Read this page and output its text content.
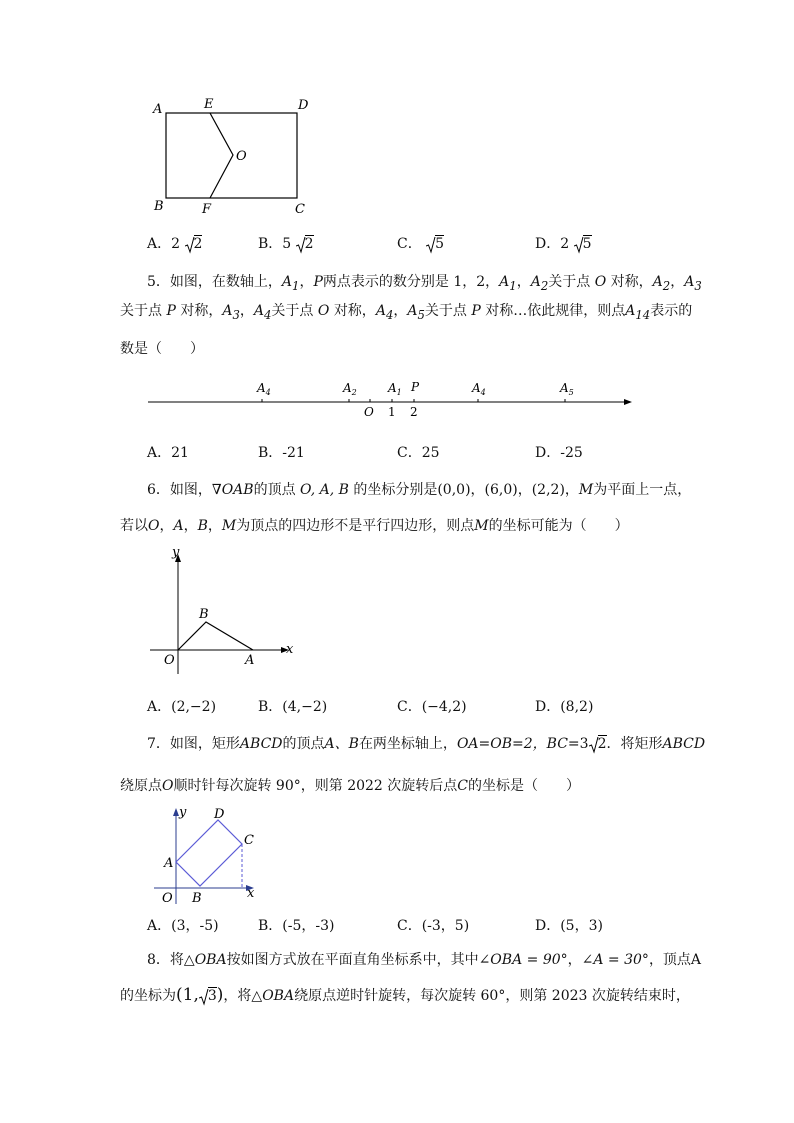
A	E	D
O
B	F	C
A．2 2	B．5 2	C． 5	D．2 5
5．如图，在数轴上，$A_1$，P两点表示的数分别是 1，2，$A_1$，$A_2$关于点 O 对称，$A_2$，$A_3$
关于点 P 对称，$A_3$，$A_4$关于点 O 对称，$A_4$，$A_5$关于点 P 对称…依此规律，则点$A_{14}$表示的
数是（　　）
$A_4$	$A_2$	$A_1$ P	$A_4$	$A_5$
O 1 2
A．21	B．-21	C．25	D．-25
6．如图，∇OAB的顶点 O, A, B 的坐标分别是(0,0)，(6,0)，(2,2)，M为平面上一点，
若以O，A，B，M为顶点的四边形不是平行四边形，则点M的坐标可能为（　　）
y
x
B
O	A
A．(2,−2)	B．(4,−2)	C．(−4,2)	D．(8,2)
7．如图，矩形ABCD的顶点A、B在两坐标轴上，OA=OB=2，BC=3 2．将矩形ABCD
绕原点O顺时针每次旋转 90°，则第 2022 次旋转后点C的坐标是（　　）
y D
C
A
O B	x
A．(3，-5)	B．(-5，-3)	C．(-3，5)	D．(5，3)
8．将△OBA按如图方式放在平面直角坐标系中，其中∠OBA = 90°，∠A = 30°，顶点A
的坐标为(1, 3)，将△OBA绕原点逆时针旋转，每次旋转 60°，则第 2023 次旋转结束时，
